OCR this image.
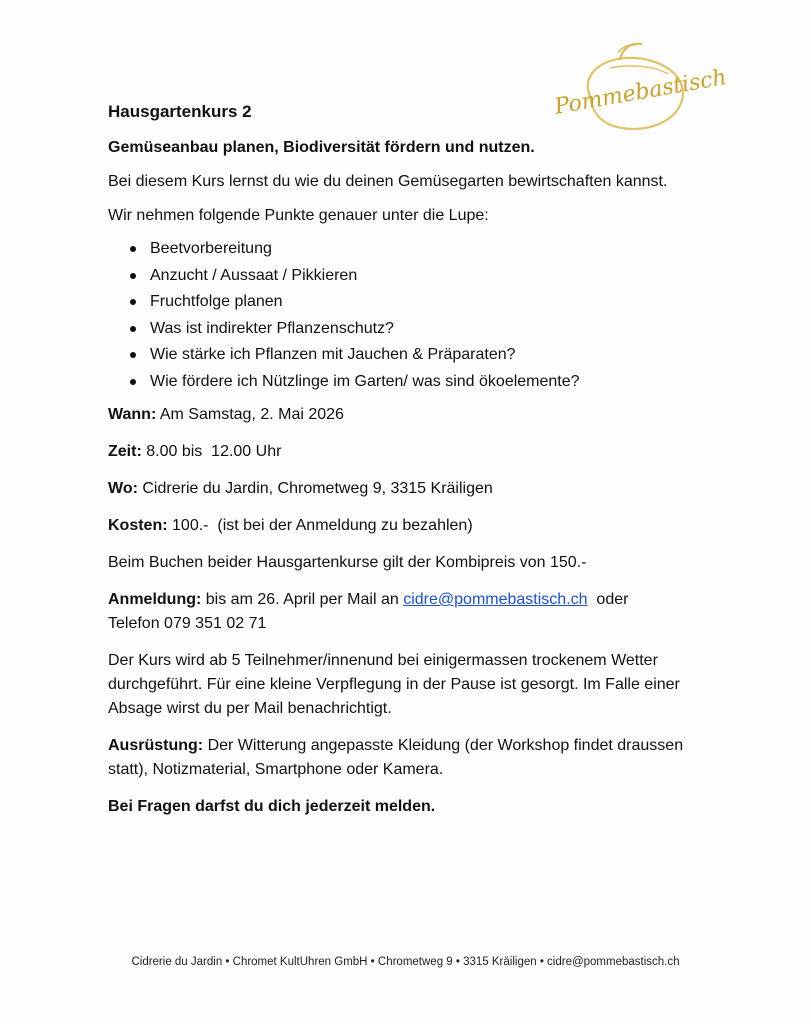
Pommebastisch
Hausgartenkurs 2

Gemüseanbau planen, Biodiversität fördern und nutzen.

Bei diesem Kurs lernst du wie du deinen Gemüsegarten bewirtschaften kannst.

Wir nehmen folgende Punkte genauer unter die Lupe:

Beetvorbereitung
Anzucht / Aussaat / Pikkieren
Fruchtfolge planen
Was ist indirekter Pflanzenschutz?
Wie stärke ich Pflanzen mit Jauchen & Präparaten?
Wie fördere ich Nützlinge im Garten/ was sind ökoelemente?

Wann: Am Samstag, 2. Mai 2026

Zeit: 8.00 bis  12.00 Uhr

Wo: Cidrerie du Jardin, Chrometweg 9, 3315 Kräiligen

Kosten: 100.-  (ist bei der Anmeldung zu bezahlen)

Beim Buchen beider Hausgartenkurse gilt der Kombipreis von 150.-

Anmeldung: bis am 26. April per Mail an cidre@pommebastisch.ch oder
Telefon 079 351 02 71

Der Kurs wird ab 5 Teilnehmer/innenund bei einigermassen trockenem Wetter durchgeführt. Für eine kleine Verpflegung in der Pause ist gesorgt. Im Falle einer Absage wirst du per Mail benachrichtigt.

Ausrüstung: Der Witterung angepasste Kleidung (der Workshop findet draussen statt), Notizmaterial, Smartphone oder Kamera.

Bei Fragen darfst du dich jederzeit melden.

Cidrerie du Jardin • Chromet KultUhren GmbH • Chrometweg 9 • 3315 Kräiligen • cidre@pommebastisch.ch
